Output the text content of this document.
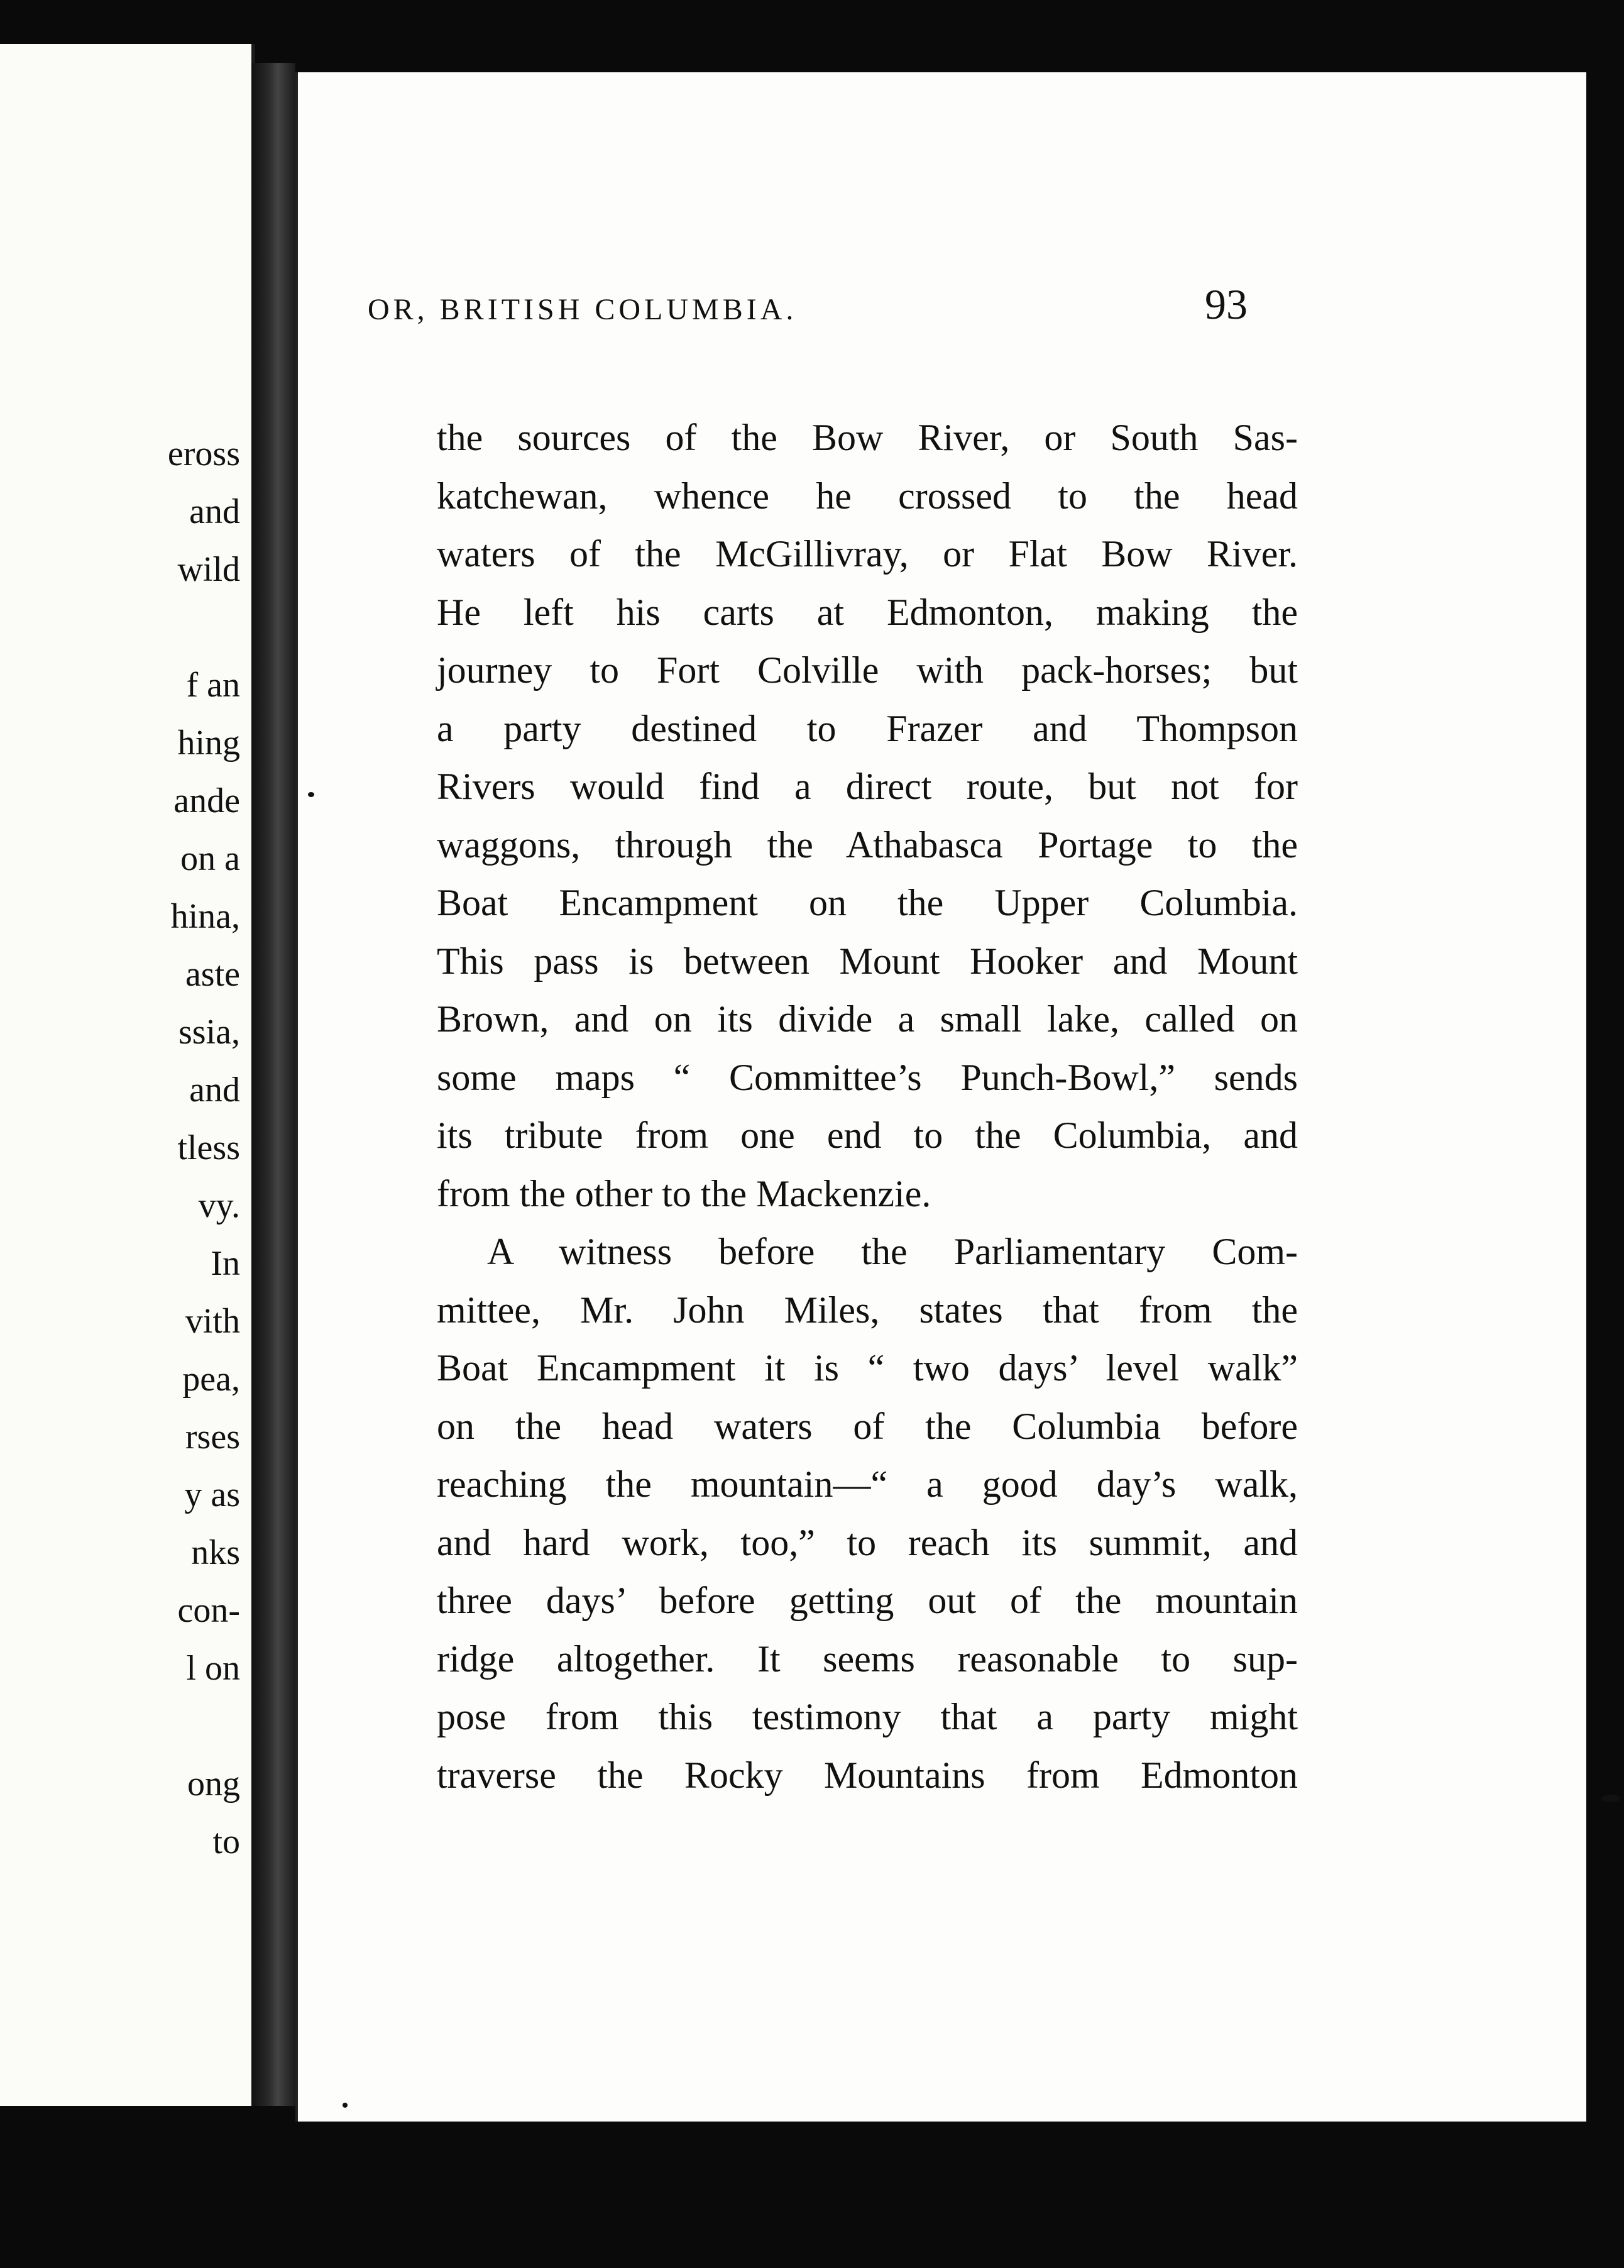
eross
and
wild
f an
hing
ande
on a
hina,
aste
ssia,
and
tless
vy.
In
vith
pea,
rses
y as
nks
con-
l on
ong
to
OR, BRITISH COLUMBIA.	93
the sources of the Bow River, or South Sas-
katchewan, whence he crossed to the head
waters of the McGillivray, or Flat Bow River.
He left his carts at Edmonton, making the
journey to Fort Colville with pack-horses; but
a party destined to Frazer and Thompson
Rivers would find a direct route, but not for
waggons, through the Athabasca Portage to the
Boat Encampment on the Upper Columbia.
This pass is between Mount Hooker and Mount
Brown, and on its divide a small lake, called on
some maps “ Committee’s Punch-Bowl,” sends
its tribute from one end to the Columbia, and
from the other to the Mackenzie.
A witness before the Parliamentary Com-
mittee, Mr. John Miles, states that from the
Boat Encampment it is “ two days’ level walk”
on the head waters of the Columbia before
reaching the mountain—“ a good day’s walk,
and hard work, too,” to reach its summit, and
three days’ before getting out of the mountain
ridge altogether. It seems reasonable to sup-
pose from this testimony that a party might
traverse the Rocky Mountains from Edmonton
